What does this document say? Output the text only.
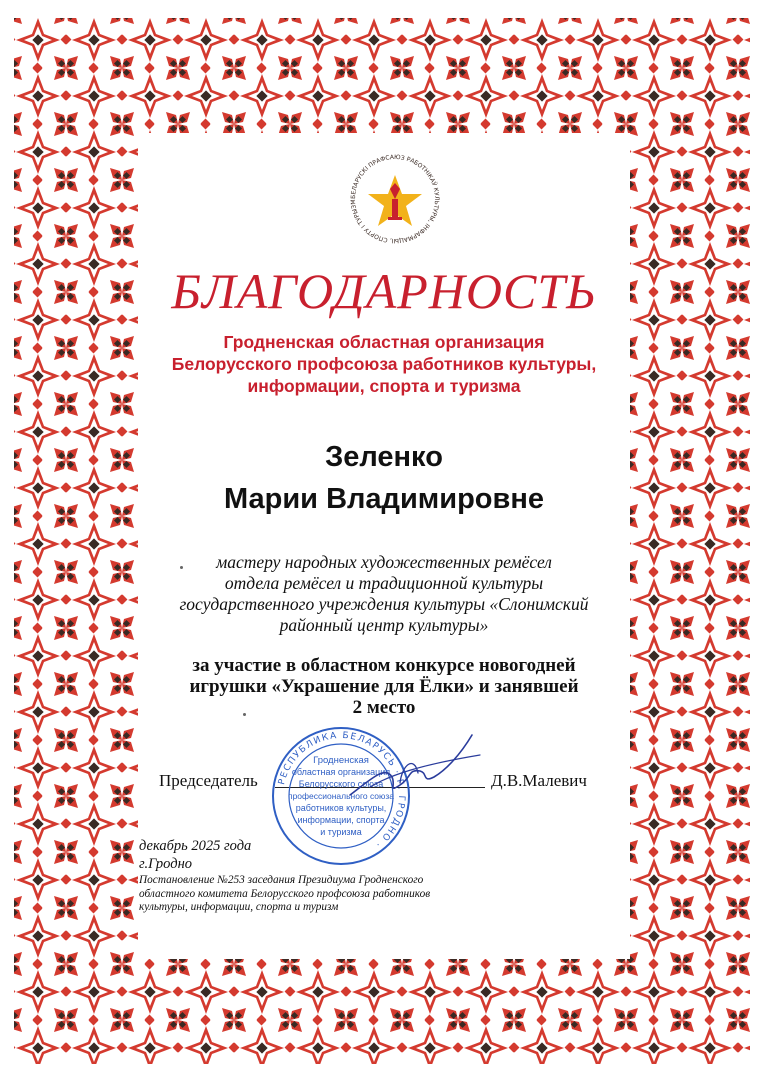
БЕЛАРУСКІ ПРАФСАЮЗ РАБОТНІКАЎ КУЛЬТУРЫ, ІНФАРМАЦЫІ, СПОРТУ І ТУРЫЗМ
БЛАГОДАРНОСТЬ
Гродненская областная организация
Белорусского профсоюза работников культуры,
информации, спорта и туризма
Зеленко
Марии Владимировне
мастеру народных художественных ремёсел
отдела ремёсел и традиционной культуры
государственного учреждения культуры «Слонимский
районный центр культуры»
за участие в областном конкурсе новогодней
игрушки «Украшение для Ёлки» и занявшей
2 место
РЕСПУБЛИКА БЕЛАРУСЬ · Г. ГРОДНО ·
Гродненская
областная организация
Белорусского союза
профессионального союза
работников культуры,
информации, спорта
и туризма
Председатель	Д.В.Малевич
декабрь 2025 года
г.Гродно
Постановление №253 заседания Президиума Гродненского
областного комитета Белорусского профсоюза работников
культуры, информации, спорта и туризм
